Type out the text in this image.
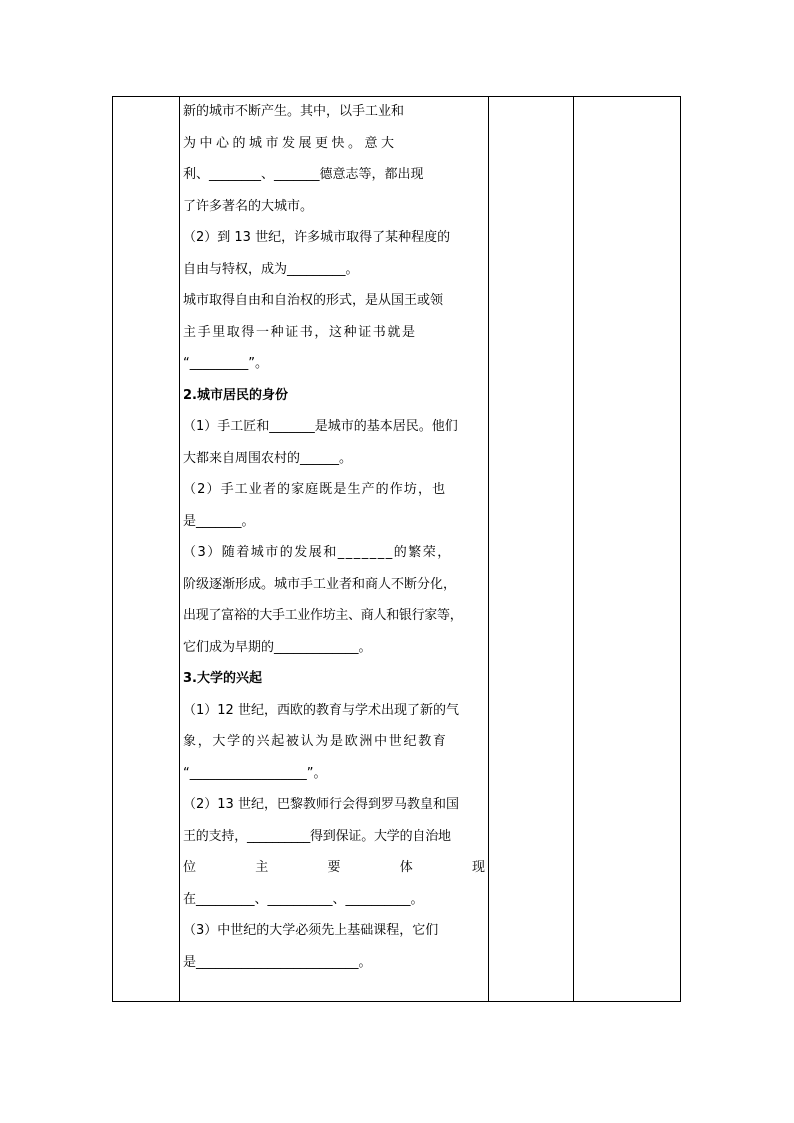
新的城市不断产生。其中，以手工业和

为中心的城市发展更快。意大

利、________、_______德意志等，都出现

了许多著名的大城市。

（2）到 13 世纪，许多城市取得了某种程度的

自由与特权，成为_________。

城市取得自由和自治权的形式，是从国王或领

主手里取得一种证书，这种证书就是

“_________”。

2.城市居民的身份

（1）手工匠和_______是城市的基本居民。他们

大都来自周围农村的______。

（2）手工业者的家庭既是生产的作坊，也

是_______。

（3）随着城市的发展和_______的繁荣，

阶级逐渐形成。城市手工业者和商人不断分化，

出现了富裕的大手工业作坊主、商人和银行家等，

它们成为早期的_____________。

3.大学的兴起

（1）12 世纪，西欧的教育与学术出现了新的气

象，大学的兴起被认为是欧洲中世纪教育

“__________________”。

（2）13 世纪，巴黎教师行会得到罗马教皇和国

王的支持，__________得到保证。大学的自治地

位	主	要	体	现

在_________、__________、__________。

（3）中世纪的大学必须先上基础课程，它们

是_________________________。
